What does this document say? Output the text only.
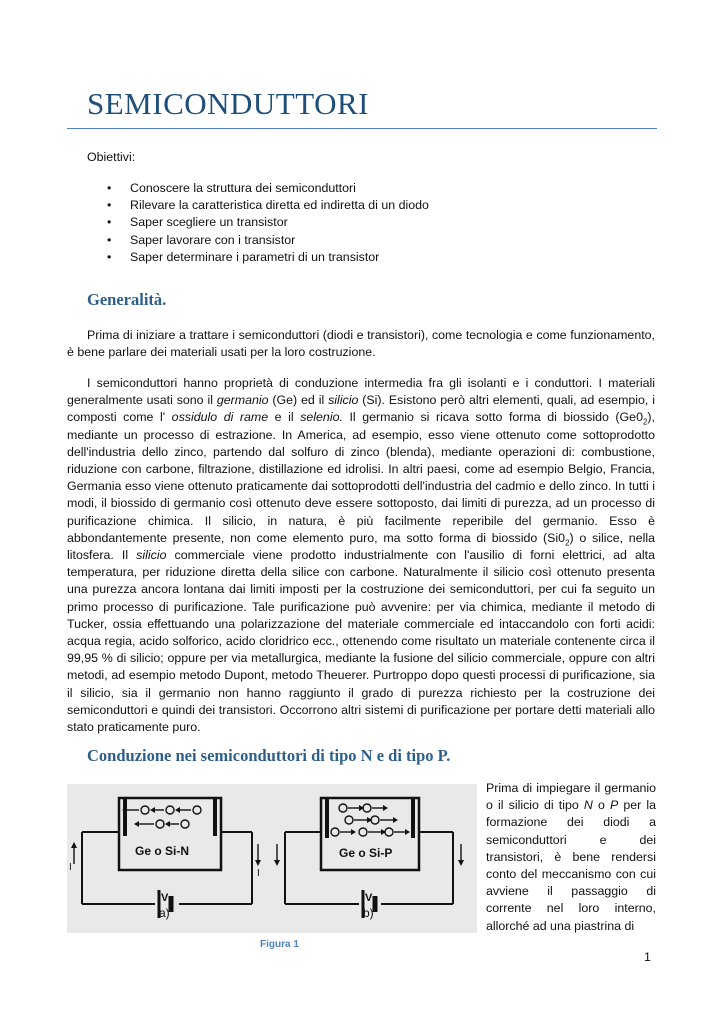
SEMICONDUTTORI
Obiettivi:
• Conoscere la struttura dei semiconduttori
• Rilevare la caratteristica diretta ed indiretta di un diodo
• Saper scegliere un transistor
• Saper lavorare con i transistor
• Saper determinare i parametri di un transistor
Generalità.

Prima di iniziare a trattare i semiconduttori (diodi e transistori), come tecnologia e come funzionamento, è bene parlare dei materiali usati per la loro costruzione.

I semiconduttori hanno proprietà di conduzione intermedia fra gli isolanti e i conduttori. I materiali generalmente usati sono il germanio (Ge) ed il silicio (Si). Esistono però altri elementi, quali, ad esempio, i composti come l' ossidulo di rame e il selenio. Il germanio si ricava sotto forma di biossido $(Ge0_2)$, mediante un processo di estrazione. In America, ad esempio, esso viene ottenuto come sottoprodotto dell'industria dello zinco, partendo dal solfuro di zinco (blenda), mediante operazioni di: combustione, riduzione con carbone, filtrazione, distillazione ed idrolisi. In altri paesi, come ad esempio Belgio, Francia, Germania esso viene ottenuto praticamente dai sottoprodotti dell'industria del cadmio e dello zinco. In tutti i modi, il biossido di germanio così ottenuto deve essere sottoposto, dai limiti di purezza, ad un processo di purificazione chimica. Il silicio, in natura, è più facilmente reperibile del germanio. Esso è abbondantemente presente, non come elemento puro, ma sotto forma di biossido $(Si0_2)$ o silice, nella litosfera. Il silicio commerciale viene prodotto industrialmente con l'ausilio di forni elettrici, ad alta temperatura, per riduzione diretta della silice con carbone. Naturalmente il silicio così ottenuto presenta una purezza ancora lontana dai limiti imposti per la costruzione dei semiconduttori, per cui fa seguito un primo processo di purificazione. Tale purificazione può avvenire: per via chimica, mediante il metodo di Tucker, ossia effettuando una polarizzazione del materiale commerciale ed intaccandolo con forti acidi: acqua regia, acido solforico, acido cloridrico ecc., ottenendo come risultato un materiale contenente circa il 99,95 % di silicio; oppure per via metallurgica, mediante la fusione del silicio commerciale, oppure con altri metodi, ad esempio metodo Dupont, metodo Theuerer. Purtroppo dopo questi processi di purificazione, sia il silicio, sia il germanio non hanno raggiunto il grado di purezza richiesto per la costruzione dei semiconduttori e quindi dei transistori. Occorrono altri sistemi di purificazione per portare detti materiali allo stato praticamente puro.

Conduzione nei semiconduttori di tipo N e di tipo P.

Prima di impiegare il germanio o il silicio di tipo N o P per la formazione dei diodi a semiconduttori e dei transistori, è bene rendersi conto del meccanismo con cui avviene il passaggio di corrente nel loro interno, allorché ad una piastrina di

Ge o Si-N
V
a)
I
Ge o Si-P
V
b)
I
Figura 1
1
